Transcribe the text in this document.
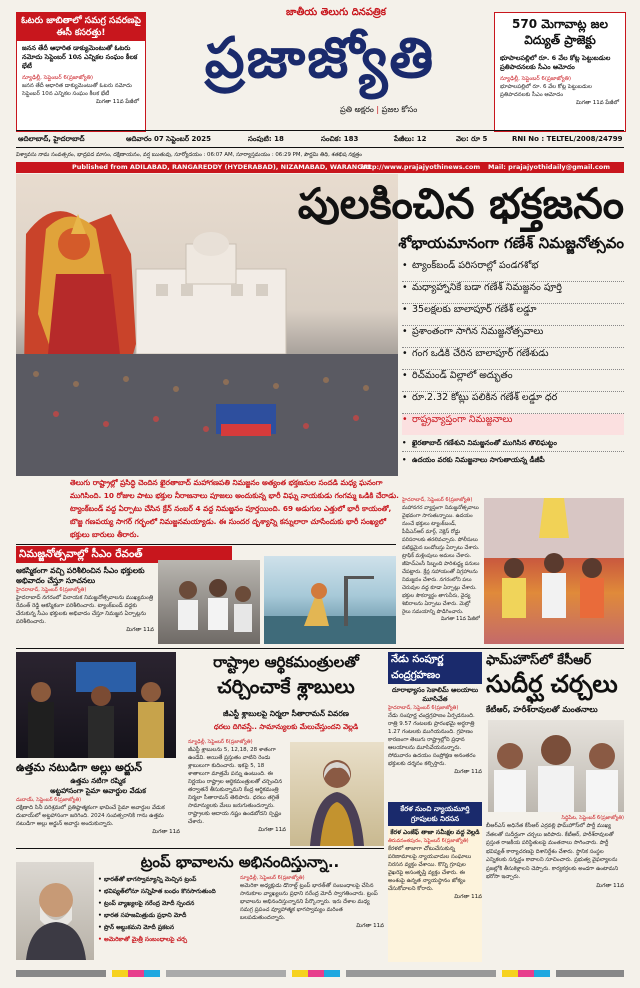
ఓటరు జాబితాలో సమగ్ర సవరణపై ఈసీ కసరత్తు!
జనన తేదీ ఆధారిత డాక్యుమెంటుతో ఓటరు నమోదు సెప్టెంబర్ 10న ఎన్నికల సంఘం కీలక భేటీ
న్యూఢిల్లీ, సెప్టెంబర్ 6(ప్రజాజ్యోతి)
జనన తేదీ ఆధారిత డాక్యుమెంటుతో ఓటరు నమోదు సెప్టెంబర్ 10న ఎన్నికల సంఘం కీలక భేటీ
మిగతా 11వ పేజీలో
జాతీయ తెలుగు దినపత్రిక
ప్రజాజ్యోతి
ప్రతి అక్షరం | ప్రజల కోసం
570 మెగావాట్ల జల విద్యుత్ ప్రాజెక్టు
భూపాలపల్లిలో రూ. 6 వేల కోట్ల పెట్టుబడుల ప్రతిపాదనలకు సీఎం ఆమోదం
న్యూఢిల్లీ, సెప్టెంబర్ 6(ప్రజాజ్యోతి)
భూపాలపల్లిలో రూ. 6 వేల కోట్ల పెట్టుబడుల ప్రతిపాదనలకు సీఎం ఆమోదం
మిగతా 11వ పేజీలో
ఆదిలాబాద్, హైదరాబాద్	ఆదివారం 07 సెప్టెంబర్ 2025	సంపుటి: 18	సంచిక: 183	పేజీలు: 12	వెల: రూ 5	RNI No : TELTEL/2008/24799
విశ్వావసు నామ సంవత్సరం, భాద్రపద మాసం, దక్షిణాయనం, వర్ష ఋతువు, సూర్యోదయం : 06:07 AM, సూర్యాస్తమయం : 06:29 PM, పౌర్ణమి తిథి, శతభిష నక్షత్రం
Published from ADILABAD, RANGAREDDY (HYDERABAD), NIZAMABAD, WARANGAL
http://www.prajajyothinews.com Mail: prajajyothidaily@gmail.com
పులకించిన భక్తజనం
శోభాయమానంగా గణేశ్ నిమజ్జనోత్సవం
• ట్యాంక్‌బండ్ పరిసరాల్లో పండగశోభ
• మధ్యాహ్నానికే బడా గణేశ్ నిమజ్జనం పూర్తి
• 35లక్షలకు బాలాపూర్ గణేశ్ లడ్డూ
• ప్రశాంతంగా సాగిన నిమజ్జనోత్సవాలు
• గంగ ఒడికి చేరిన బాలాపూర్ గణేశుడు
• రిచ్‌మండ్ విల్లాలో అద్భుతం
• రూ.2.32 కోట్లు పలికిన గణేశ్ లడ్డూ ధర
• రాష్ట్రవ్యాప్తంగా నిమజ్జనాలు
• ఖైరతాబాద్ గణేశుని నిమజ్జనంతో ముగిసిన తొలిఘట్టం
• ఉదయం వరకు నిమజ్జనాలు సాగుతాయన్న డీజీపీ
తెలుగు రాష్ట్రాల్లో ప్రసిద్ధి చెందిన ఖైరతాబాద్ మహాగణపతి నిమజ్జనం అత్యంత భక్తజనుల సందడి మధ్య ఘనంగా ముగిసింది. 10 రోజుల పాటు భక్తుల నీరాజనాలు పూజలు అందుకున్న భారీ విఘ్న నాయకుడు గంగమ్మ ఒడికి చేరాడు. ట్యాంక్‌బండ్ వద్ద ఏర్పాటు చేసిన క్రేన్ నంబర్ 4 వద్ద నిమజ్జనం పూర్తయింది. 69 అడుగుల ఎత్తులో భారీ కాయంతో, బొజ్జ గణపయ్య సాగర్ గర్భంలో నిమజ్జనమయ్యాడు. ఈ సుందర దృశ్యాన్ని కన్నులారా చూసేందుకు భారీ సంఖ్యలో భక్తులు బారులు తీరారు.
నిమజ్జనోత్సవాల్లో సీఎం రేవంత్
ఆకస్మికంగా వచ్చి పరిశీలించిన సీఎం భక్తులకు అభివాదం చేస్తూ సూచనలు
హైదరాబాద్, సెప్టెంబర్ 6(ప్రజాజ్యోతి)
హైదరాబాద్ నగరంలో వినాయక నిమజ్జనోత్సవాలను ముఖ్యమంత్రి రేవంత్ రెడ్డి ఆకస్మికంగా పరిశీలించారు. ట్యాంక్‌బండ్ వద్దకు చేరుకున్న సీఎం భక్తులకు అభివాదం చేస్తూ నిమజ్జన ఏర్పాట్లను పరిశీలించారు.
మిగతా 11వ
హైదరాబాద్, సెప్టెంబర్ 6(ప్రజాజ్యోతి)
మహానగర వ్యాప్తంగా నిమజ్జనోత్సవాలు వైభవంగా సాగుతున్నాయి. ఉదయం నుంచే భక్తులు ట్యాంక్‌బండ్, పీవీఎన్ఆర్ మార్గ్, నెక్లెస్ రోడ్డు పరిసరాలకు తరలివచ్చారు. పోలీసులు పటిష్ఠమైన బందోబస్తు ఏర్పాటు చేశారు. ట్రాఫిక్ మళ్లింపులు అమలు చేశారు. జీహెచ్ఎంసీ సిబ్బంది పారిశుద్ధ్య పనులు చేపట్టారు. క్రేన్ల సహాయంతో విగ్రహాలను నిమజ్జనం చేశారు. నగరంలోని పలు చెరువుల వద్ద కూడా ఏర్పాట్లు చేశారు. భక్తుల సౌకర్యార్థం తాగునీరు, వైద్య శిబిరాలను ఏర్పాటు చేశారు. మెట్రో రైలు సమయాన్ని పొడిగించారు.
మిగతా 11వ పేజీలో
ఉత్తమ నటుడిగా అల్లు అర్జున్
ఉత్తమ నటిగా రష్మిక
అట్టహాసంగా సైమా అవార్డుల వేడుక
దుబాయ్, సెప్టెంబర్ 6(ప్రజాజ్యోతి)
దక్షిణాది సినీ పరిశ్రమలో ప్రతిష్ఠాత్మకంగా భావించే సైమా అవార్డుల వేడుక దుబాయ్‌లో అట్టహాసంగా జరిగింది. 2024 సంవత్సరానికి గాను ఉత్తమ నటుడిగా అల్లు అర్జున్ అవార్డు అందుకున్నారు.
మిగతా 11వ
రాష్ట్రాల ఆర్థికమంత్రులతో
చర్చించాకే శ్లాబులు
జీఎస్టీ శ్లాబులపై నిర్మలా సీతారామన్ వివరణ
ధరలు దిగివస్తే.. సామాన్యులకు మేలుచేస్తుందని వెల్లడి
న్యూఢిల్లీ, సెప్టెంబర్ 6(ప్రజాజ్యోతి)
జీఎస్టీ శ్లాబులను 5, 12,18, 28 శాతంగా ఉండేవి. అయితే ప్రస్తుతం వాటిని రెండు శ్లాబులుగా కుదించారు. ఇకపై 5, 18 శాతాలుగా మాత్రమే పన్ను ఉంటుంది. ఈ నిర్ణయం రాష్ట్రాల ఆర్థికమంత్రులతో చర్చించిన తర్వాతనే తీసుకున్నామని కేంద్ర ఆర్థికమంత్రి నిర్మలా సీతారామన్ తెలిపారు. ధరలు తగ్గితే సామాన్యులకు మేలు జరుగుతుందన్నారు. రాష్ట్రాలకు ఆదాయ నష్టం ఉండబోదని స్పష్టం చేశారు.
మిగతా 11వ
నేడు సంపూర్ణ
చంద్రగ్రహణం
దూరాభ్యాసం సెకాలిమ్ ఆలయాలు మూసివేత
హైదరాబాద్, సెప్టెంబర్ 6(ప్రజాజ్యోతి)
నేడు సంపూర్ణ చంద్రగ్రహణం ఏర్పడనుంది. రాత్రి 9.57 గంటలకు ప్రారంభమై అర్ధరాత్రి 1.27 గంటలకు ముగియనుంది. గ్రహణం కారణంగా తెలుగు రాష్ట్రాల్లోని ప్రధాన ఆలయాలను మూసివేయనున్నారు. సోమవారం ఉదయం సంప్రోక్షణ అనంతరం భక్తులకు దర్శనం కల్పిస్తారు.
మిగతా 11వ
కేరళ నుంచి న్యాయమూర్తి గ్రూపులకు నిరసన
కేరళ ఎంజేఫ్ తాజా సమీక్షల వద్ద వెల్లడి
తిరువనంతపురం, సెప్టెంబర్ 6(ప్రజాజ్యోతి)
కేరళలో తాజాగా చోటుచేసుకున్న పరిణామాలపై న్యాయవాదుల సంఘాలు నిరసన వ్యక్తం చేశాయి. కొన్ని గ్రూపుల వైఖరిపై అసంతృప్తి వ్యక్తం చేశారు. ఈ అంశంపై ఉన్నత న్యాయస్థానం జోక్యం చేసుకోవాలని కోరారు.
మిగతా 11వ
ఫామ్‌హౌస్‌లో కేసీఆర్
సుదీర్ఘ చర్చలు
కేటీఆర్, హరీశ్‌రావులతో మంతనాలు
సిద్ధిపేట, సెప్టెంబర్ 6(ప్రజాజ్యోతి)
బీఆర్ఎస్ అధినేత కేసీఆర్ ఎర్రవల్లి ఫామ్‌హౌస్‌లో పార్టీ ముఖ్య నేతలతో సుదీర్ఘంగా చర్చలు జరిపారు. కేటీఆర్, హరీశ్‌రావులతో ప్రస్తుత రాజకీయ పరిస్థితులపై మంతనాలు సాగించారు. పార్టీ భవిష్యత్ కార్యాచరణపై దిశానిర్దేశం చేశారు. స్థానిక సంస్థల ఎన్నికలకు సన్నద్ధం కావాలని సూచించారు. ప్రభుత్వ వైఫల్యాలను ప్రజల్లోకి తీసుకెళ్లాలని చెప్పారు. కార్యకర్తలకు అండగా ఉంటామని భరోసా ఇచ్చారు.
మిగతా 11వ
ట్రంప్ భావాలను అభినందిస్తున్నా..
• భారత్‌తో భాగస్వామ్యాన్ని మెచ్చిన ట్రంప్
• భవిష్యత్‌లోనూ సన్నిహిత బంధం కొనసాగుతుంది
• ట్రంప్ వ్యాఖ్యలపై నరేంద్ర మోదీ స్పందన
• భారత సహజమిత్రుడు ప్రధాని మోదీ
• ప్రొన్ అబ్దుకమని మోదీ ప్రకటన
• అమెరికాతో మైత్రీ సంబంధాలపై చర్చ
న్యూఢిల్లీ, సెప్టెంబర్ 6(ప్రజాజ్యోతి)
అమెరికా అధ్యక్షుడు డొనాల్డ్ ట్రంప్ భారత్‌తో సంబంధాలపై చేసిన సానుకూల వ్యాఖ్యలను ప్రధాని నరేంద్ర మోదీ స్వాగతించారు. ట్రంప్ భావాలను అభినందిస్తున్నానని పేర్కొన్నారు. ఇరు దేశాల మధ్య సమగ్ర ప్రపంచ వ్యూహాత్మక భాగస్వామ్యం మరింత బలపడుతుందన్నారు.
మిగతా 11వ
